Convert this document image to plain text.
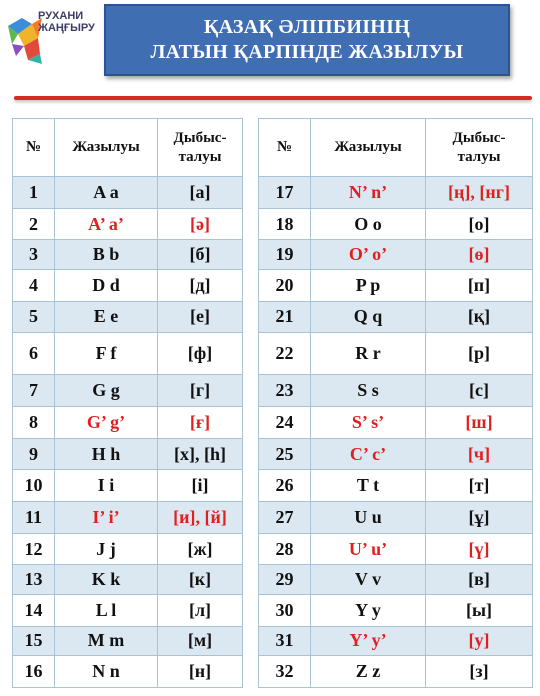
РУХАНИ
ЖАҢҒЫРУ	ҚАЗАҚ ӘЛІПБИІНІҢ
ЛАТЫН ҚАРПІНДЕ ЖАЗЫЛУЫ
№	Жазылуы	Дыбыс-
талуы

1	A a	[а]
2	A’ a’	[ә]
3	B b	[б]
4	D d	[д]
5	E e	[е]
6	F f	[ф]
7	G g	[г]
8	G’ g’	[ғ]
9	H h	[х], [һ]
10	I i	[і]
11	I’ i’	[и], [й]
12	J j	[ж]
13	K k	[к]
14	L l	[л]
15	M m	[м]
16	N n	[н]
№	Жазылуы	Дыбыс-
талуы

17	N’ n’	[ң], [нг]
18	O o	[о]
19	O’ o’	[ө]
20	P p	[п]
21	Q q	[қ]
22	R r	[р]
23	S s	[с]
24	S’ s’	[ш]
25	C’ c’	[ч]
26	T t	[т]
27	U u	[ұ]
28	U’ u’	[ү]
29	V v	[в]
30	Y y	[ы]
31	Y’ y’	[у]
32	Z z	[з]
